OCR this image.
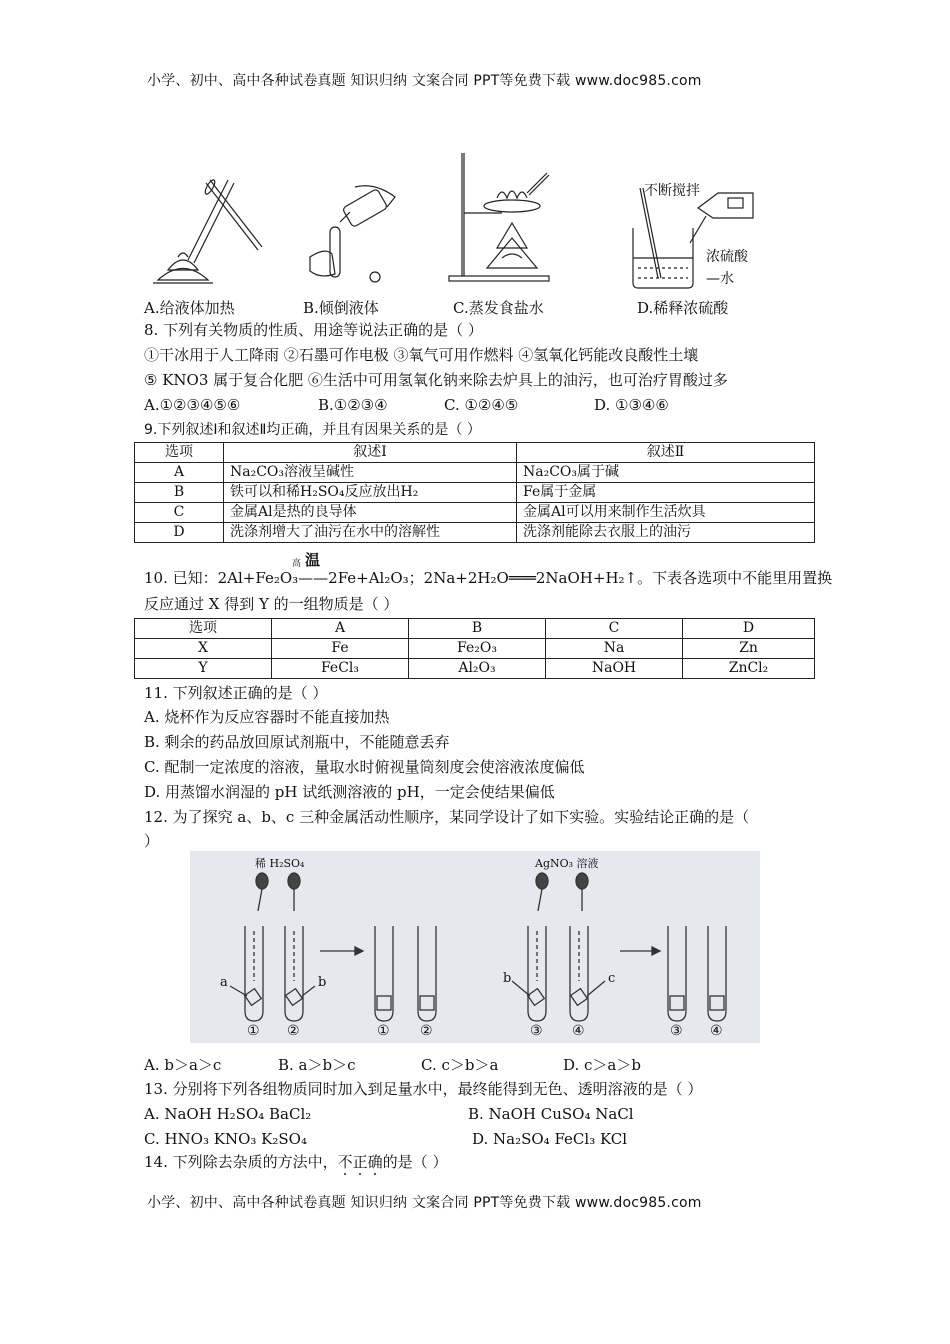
小学、初中、高中各种试卷真题 知识归纳 文案合同 PPT等免费下载 www.doc985.com
不断搅拌
浓硫酸
—水
A.给液体加热	B.倾倒液体	C.蒸发食盐水	D.稀释浓硫酸
8. 下列有关物质的性质、用途等说法正确的是（ ）
①干冰用于人工降雨 ②石墨可作电极 ③氧气可用作燃料 ④氢氧化钙能改良酸性土壤
⑤ KNO3 属于复合化肥 ⑥生活中可用氢氧化钠来除去炉具上的油污，也可治疗胃酸过多
A.①②③④⑤⑥	B.①②③④	C. ①②④⑤	D. ①③④⑥
9.下列叙述Ⅰ和叙述Ⅱ均正确，并且有因果关系的是（ ）
选项	叙述Ⅰ	叙述Ⅱ
A	Na₂CO₃溶液呈碱性	Na₂CO₃属于碱
B	铁可以和稀H₂SO₄反应放出H₂	Fe属于金属
C	金属Al是热的良导体	金属Al可以用来制作生活炊具
D	洗涤剂增大了油污在水中的溶解性	洗涤剂能除去衣服上的油污
高 温
10. 已知：2Al+Fe₂O₃——2Fe+Al₂O₃；2Na+2H₂O═══2NaOH+H₂↑。下表各选项中不能里用置换
反应通过 X 得到 Y 的一组物质是（ ）
选项	A	B	C	D
X	Fe	Fe₂O₃	Na	Zn
Y	FeCl₃	Al₂O₃	NaOH	ZnCl₂
11. 下列叙述正确的是（ ）
A. 烧杯作为反应容器时不能直接加热
B. 剩余的药品放回原试剂瓶中，不能随意丢弃
C. 配制一定浓度的溶液，量取水时俯视量筒刻度会使溶液浓度偏低
D. 用蒸馏水润湿的 pH 试纸测溶液的 pH，一定会使结果偏低
12. 为了探究 a、b、c 三种金属活动性顺序，某同学设计了如下实验。实验结论正确的是（
）
稀 H₂SO₄	AgNO₃ 溶液
a	b	b	c
① ②	① ②	③ ④	③ ④
A. b＞a＞c	B. a＞b＞c	C. c＞b＞a	D. c＞a＞b
13. 分别将下列各组物质同时加入到足量水中，最终能得到无色、透明溶液的是（ ）
A. NaOH H₂SO₄ BaCl₂	B. NaOH CuSO₄ NaCl
C. HNO₃ KNO₃ K₂SO₄	D. Na₂SO₄ FeCl₃ KCl
14. 下列除去杂质的方法中，不正确的是（ ）
小学、初中、高中各种试卷真题 知识归纳 文案合同 PPT等免费下载 www.doc985.com
